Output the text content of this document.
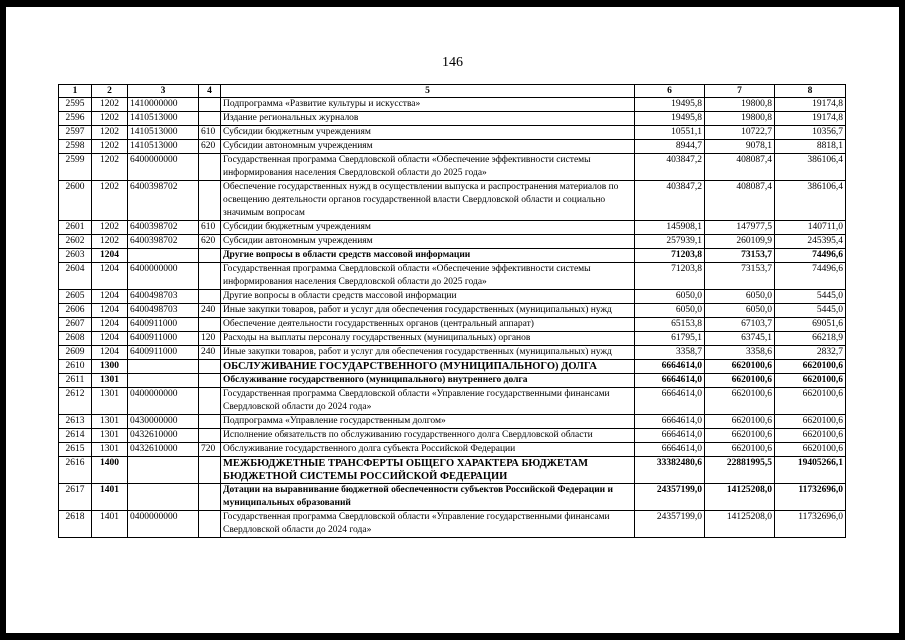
146
1	2	3	4	5	6	7	8
2595	1202	1410000000		Подпрограмма «Развитие культуры и искусства»	19495,8	19800,8	19174,8
2596	1202	1410513000		Издание региональных журналов	19495,8	19800,8	19174,8
2597	1202	1410513000	610	Субсидии бюджетным учреждениям	10551,1	10722,7	10356,7
2598	1202	1410513000	620	Субсидии автономным учреждениям	8944,7	9078,1	8818,1
2599	1202	6400000000		Государственная программа Свердловской области «Обеспечение эффективности системы информирования населения Свердловской области до 2025 года»	403847,2	408087,4	386106,4
2600	1202	6400398702		Обеспечение государственных нужд в осуществлении выпуска и распространения материалов по освещению деятельности органов государственной власти Свердловской области и социально значимым вопросам	403847,2	408087,4	386106,4
2601	1202	6400398702	610	Субсидии бюджетным учреждениям	145908,1	147977,5	140711,0
2602	1202	6400398702	620	Субсидии автономным учреждениям	257939,1	260109,9	245395,4
2603	1204			Другие вопросы в области средств массовой информации	71203,8	73153,7	74496,6
2604	1204	6400000000		Государственная программа Свердловской области «Обеспечение эффективности системы информирования населения Свердловской области до 2025 года»	71203,8	73153,7	74496,6
2605	1204	6400498703		Другие вопросы в области средств массовой информации	6050,0	6050,0	5445,0
2606	1204	6400498703	240	Иные закупки товаров, работ и услуг для обеспечения государственных (муниципальных) нужд	6050,0	6050,0	5445,0
2607	1204	6400911000		Обеспечение деятельности государственных органов (центральный аппарат)	65153,8	67103,7	69051,6
2608	1204	6400911000	120	Расходы на выплаты персоналу государственных (муниципальных) органов	61795,1	63745,1	66218,9
2609	1204	6400911000	240	Иные закупки товаров, работ и услуг для обеспечения государственных (муниципальных) нужд	3358,7	3358,6	2832,7
2610	1300			ОБСЛУЖИВАНИЕ ГОСУДАРСТВЕННОГО (МУНИЦИПАЛЬНОГО) ДОЛГА	6664614,0	6620100,6	6620100,6
2611	1301			Обслуживание государственного (муниципального) внутреннего долга	6664614,0	6620100,6	6620100,6
2612	1301	0400000000		Государственная программа Свердловской области «Управление государственными финансами Свердловской области до 2024 года»	6664614,0	6620100,6	6620100,6
2613	1301	0430000000		Подпрограмма «Управление государственным долгом»	6664614,0	6620100,6	6620100,6
2614	1301	0432610000		Исполнение обязательств по обслуживанию государственного долга Свердловской области	6664614,0	6620100,6	6620100,6
2615	1301	0432610000	720	Обслуживание государственного долга субъекта Российской Федерации	6664614,0	6620100,6	6620100,6
2616	1400			МЕЖБЮДЖЕТНЫЕ ТРАНСФЕРТЫ ОБЩЕГО ХАРАКТЕРА БЮДЖЕТАМ БЮДЖЕТНОЙ СИСТЕМЫ РОССИЙСКОЙ ФЕДЕРАЦИИ	33382480,6	22881995,5	19405266,1
2617	1401			Дотации на выравнивание бюджетной обеспеченности субъектов Российской Федерации и муниципальных образований	24357199,0	14125208,0	11732696,0
2618	1401	0400000000		Государственная программа Свердловской области «Управление государственными финансами Свердловской области до 2024 года»	24357199,0	14125208,0	11732696,0
